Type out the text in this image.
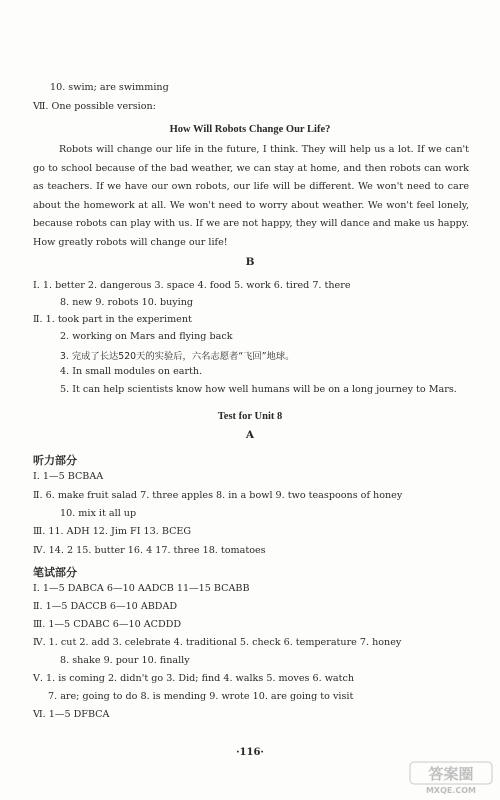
10. swim; are swimming
Ⅶ. One possible version:
How Will Robots Change Our Life?
Robots will change our life in the future, I think. They will help us a lot. If we can't go to school because of the bad weather, we can stay at home, and then robots can work as teachers. If we have our own robots, our life will be different. We won't need to care about the homework at all. We won't need to worry about weather. We won't feel lonely, because robots can play with us. If we are not happy, they will dance and make us happy. How greatly robots will change our life!
B
Ⅰ. 1. better 2. dangerous 3. space 4. food 5. work 6. tired 7. there
8. new 9. robots 10. buying
Ⅱ. 1. took part in the experiment
2. working on Mars and flying back
3. 完成了长达520天的实验后，六名志愿者“飞回”地球。
4. In small modules on earth.
5. It can help scientists know how well humans will be on a long journey to Mars.
Test for Unit 8
A
听力部分
Ⅰ. 1—5 BCBAA
Ⅱ. 6. make fruit salad 7. three apples 8. in a bowl 9. two teaspoons of honey
10. mix it all up
Ⅲ. 11. ADH 12. Jim FI 13. BCEG
Ⅳ. 14. 2 15. butter 16. 4 17. three 18. tomatoes
笔试部分
Ⅰ. 1—5 DABCA 6—10 AADCB 11—15 BCABB
Ⅱ. 1—5 DACCB 6—10 ABDAD
Ⅲ. 1—5 CDABC 6—10 ACDDD
Ⅳ. 1. cut 2. add 3. celebrate 4. traditional 5. check 6. temperature 7. honey
8. shake 9. pour 10. finally
Ⅴ. 1. is coming 2. didn't go 3. Did; find 4. walks 5. moves 6. watch
7. are; going to do 8. is mending 9. wrote 10. are going to visit
Ⅵ. 1—5 DFBCA
·116·
答案圈
MXQE.COM
